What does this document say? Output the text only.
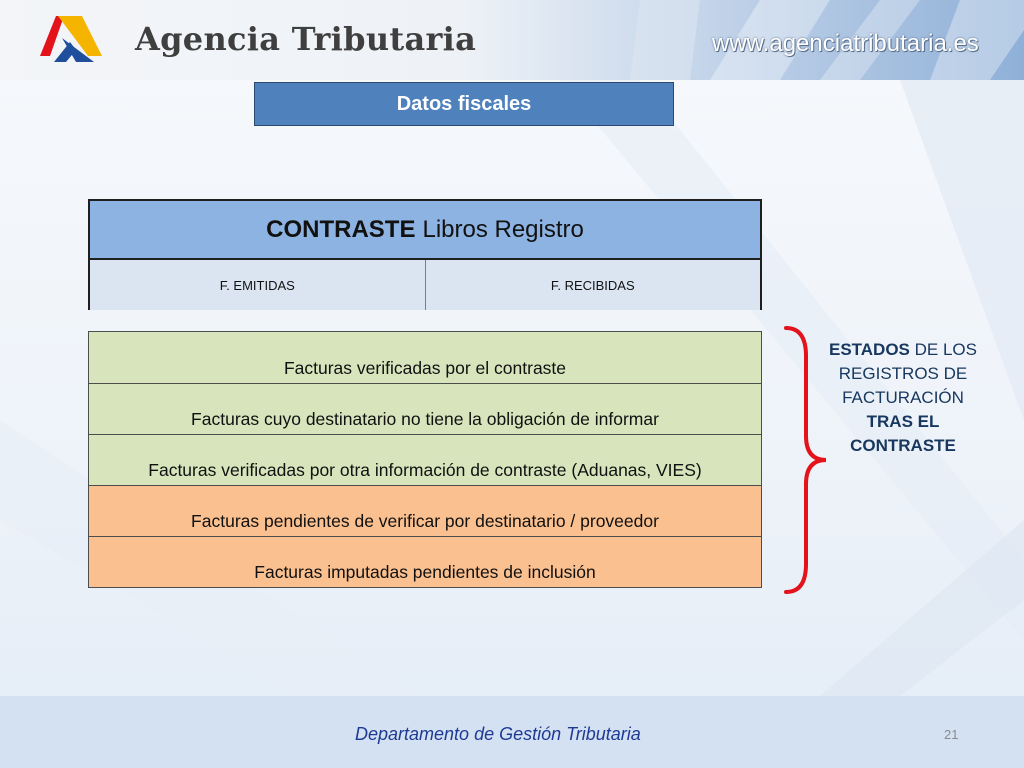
Agencia Tributaria	www.agenciatributaria.es
Datos fiscales
CONTRASTE Libros Registro
F. EMITIDAS	F. RECIBIDAS
Facturas verificadas por el contraste
Facturas cuyo destinatario no tiene la obligación de informar
Facturas verificadas por otra información de contraste (Aduanas, VIES)
Facturas pendientes de verificar por destinatario / proveedor
Facturas imputadas pendientes de inclusión
ESTADOS DE LOS REGISTROS DE FACTURACIÓN TRAS EL CONTRASTE
Departamento de Gestión Tributaria	21
